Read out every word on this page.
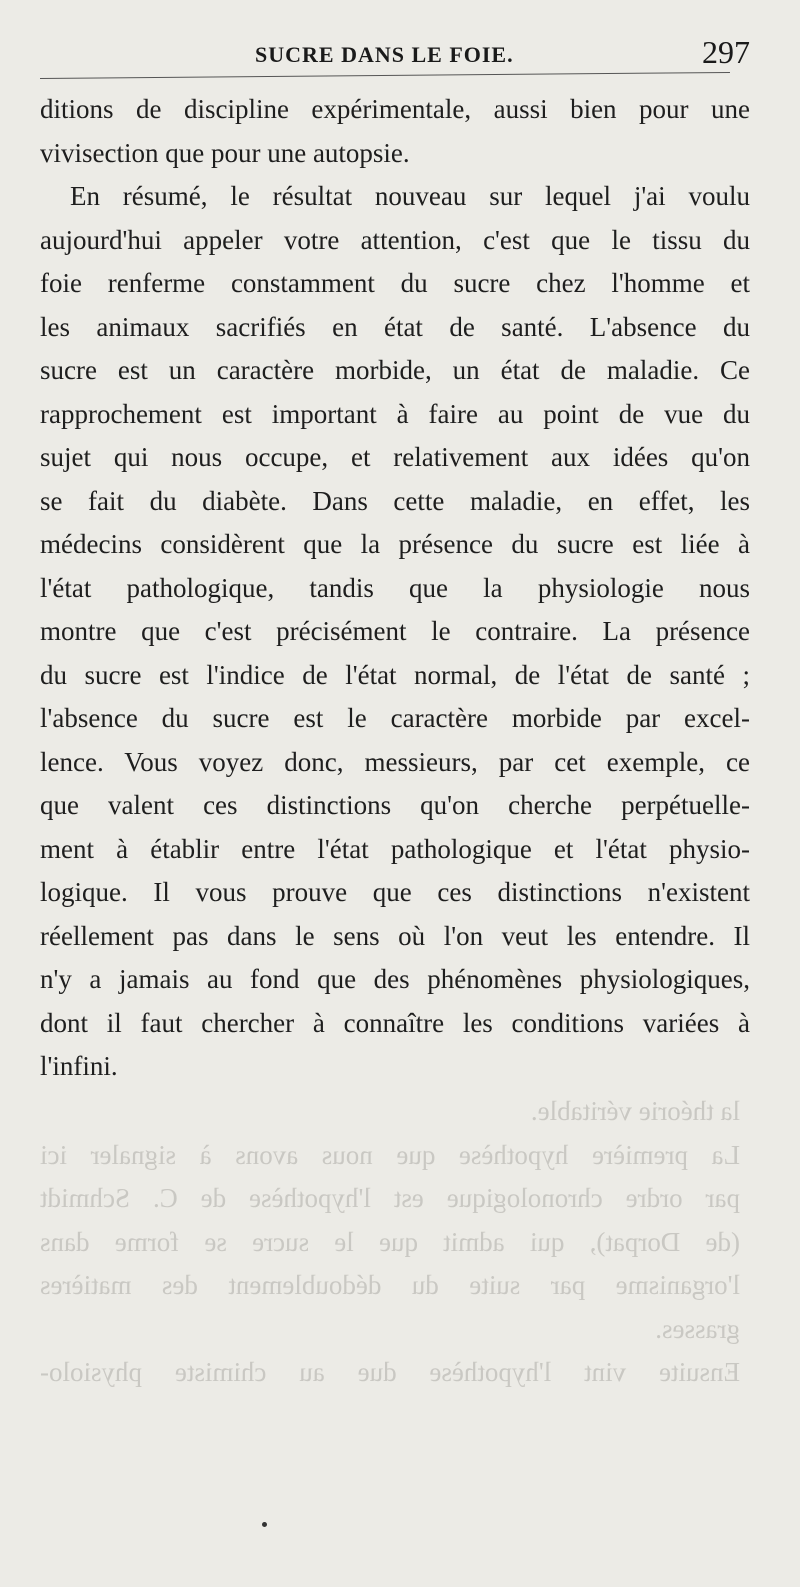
SUCRE DANS LE FOIE.	297
ditions de discipline expérimentale, aussi bien pour une
vivisection que pour une autopsie.
En résumé, le résultat nouveau sur lequel j'ai voulu
aujourd'hui appeler votre attention, c'est que le tissu du
foie renferme constamment du sucre chez l'homme et
les animaux sacrifiés en état de santé. L'absence du
sucre est un caractère morbide, un état de maladie. Ce
rapprochement est important à faire au point de vue du
sujet qui nous occupe, et relativement aux idées qu'on
se fait du diabète. Dans cette maladie, en effet, les
médecins considèrent que la présence du sucre est liée à
l'état pathologique, tandis que la physiologie nous
montre que c'est précisément le contraire. La présence
du sucre est l'indice de l'état normal, de l'état de santé ;
l'absence du sucre est le caractère morbide par excel-
lence. Vous voyez donc, messieurs, par cet exemple, ce
que valent ces distinctions qu'on cherche perpétuelle-
ment à établir entre l'état pathologique et l'état physio-
logique. Il vous prouve que ces distinctions n'existent
réellement pas dans le sens où l'on veut les entendre. Il
n'y a jamais au fond que des phénomènes physiologiques,
dont il faut chercher à connaître les conditions variées à
l'infini.
la théorie véritable.
La première hypothèse que nous avons à signaler ici
par ordre chronologique est l'hypothèse de C. Schmidt
(de Dorpat), qui admit que le sucre se forme dans
l'organisme par suite du dédoublement des matières
grasses.
Ensuite vint l'hypothèse due au chimiste physiolo-
